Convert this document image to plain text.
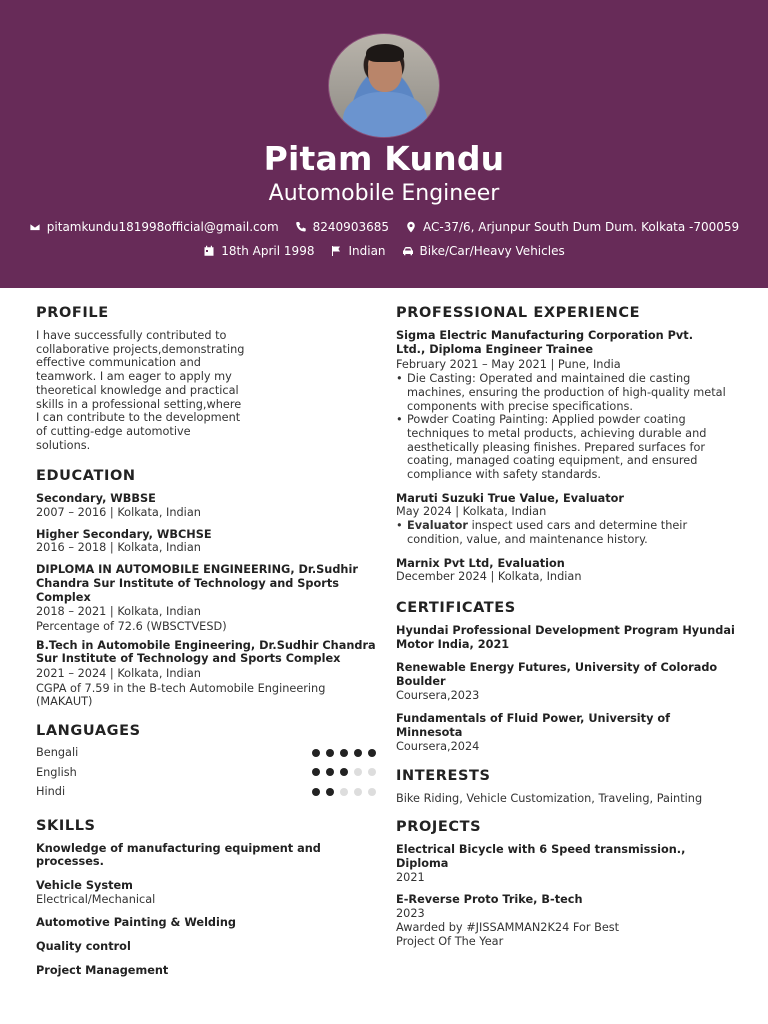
Pitam Kundu
Automobile Engineer
pitamkundu181998official@gmail.com	8240903685	AC-37/6, Arjunpur South Dum Dum. Kolkata -700059
18th April 1998	Indian	Bike/Car/Heavy Vehicles
PROFILE
I have successfully contributed to collaborative projects,demonstrating effective communication and teamwork. I am eager to apply my theoretical knowledge and practical skills in a professional setting,where I can contribute to the development of cutting-edge automotive solutions.
EDUCATION
Secondary, WBBSE
2007 – 2016 | Kolkata, Indian
Higher Secondary, WBCHSE
2016 – 2018 | Kolkata, Indian
DIPLOMA IN AUTOMOBILE ENGINEERING, Dr.Sudhir Chandra Sur Institute of Technology and Sports Complex
2018 – 2021 | Kolkata, Indian
Percentage of 72.6 (WBSCTVESD)
B.Tech in Automobile Engineering, Dr.Sudhir Chandra Sur Institute of Technology and Sports Complex
2021 – 2024 | Kolkata, Indian
CGPA of 7.59 in the B-tech Automobile Engineering (MAKAUT)
LANGUAGES
Bengali
English
Hindi
SKILLS
Knowledge of manufacturing equipment and processes.
Vehicle System
Electrical/Mechanical
Automotive Painting & Welding
Quality control
Project Management
PROFESSIONAL EXPERIENCE
Sigma Electric Manufacturing Corporation Pvt. Ltd., Diploma Engineer Trainee
February 2021 – May 2021 | Pune, India
• Die Casting: Operated and maintained die casting machines, ensuring the production of high-quality metal components with precise specifications.
• Powder Coating Painting: Applied powder coating techniques to metal products, achieving durable and aesthetically pleasing finishes. Prepared surfaces for coating, managed coating equipment, and ensured compliance with safety standards.
Maruti Suzuki True Value, Evaluator
May 2024 | Kolkata, Indian
• Evaluator inspect used cars and determine their condition, value, and maintenance history.
Marnix Pvt Ltd, Evaluation
December 2024 | Kolkata, Indian
CERTIFICATES
Hyundai Professional Development Program Hyundai Motor India, 2021
Renewable Energy Futures, University of Colorado Boulder
Coursera,2023
Fundamentals of Fluid Power, University of Minnesota
Coursera,2024
INTERESTS
Bike Riding, Vehicle Customization, Traveling, Painting
PROJECTS
Electrical Bicycle with 6 Speed transmission., Diploma
2021
E-Reverse Proto Trike, B-tech
2023
Awarded by #JISSAMMAN2K24 For Best Project Of The Year
